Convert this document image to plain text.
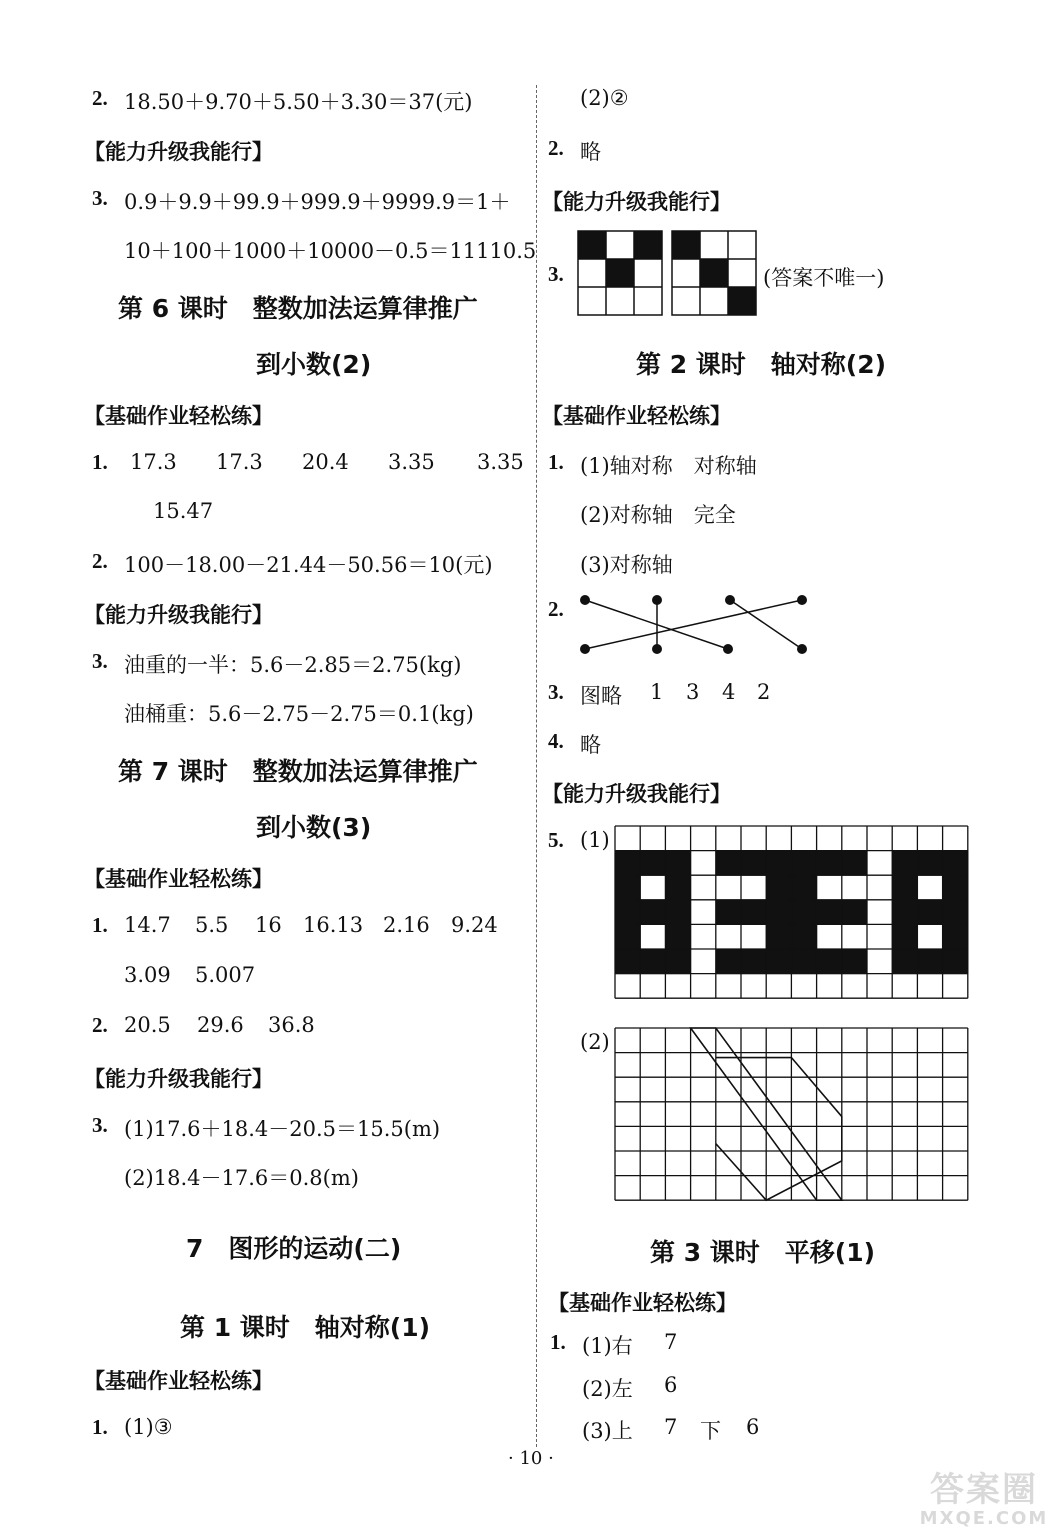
2. 18.50＋9.70＋5.50＋3.30＝37(元)
【能力升级我能行】
3. 0.9＋9.9＋99.9＋999.9＋9999.9＝1＋
10＋100＋1000＋10000－0.5＝11110.5
第 6 课时　整数加法运算律推广
到小数(2)
【基础作业轻松练】
1. 17.3 17.3 20.4 3.35 3.35
15.47
2. 100－18.00－21.44－50.56＝10(元)
【能力升级我能行】
3. 油重的一半：5.6－2.85＝2.75(kg)
油桶重：5.6－2.75－2.75＝0.1(kg)
第 7 课时　整数加法运算律推广
到小数(3)
【基础作业轻松练】
1. 14.7 5.5 16 16.13 2.16 9.24
3.09 5.007
2. 20.5 29.6 36.8
【能力升级我能行】
3. (1)17.6＋18.4－20.5＝15.5(m)
(2)18.4－17.6＝0.8(m)
7　图形的运动(二)
第 1 课时　轴对称(1)
【基础作业轻松练】
1. (1)③
(2)②
2. 略
【能力升级我能行】
3.	(答案不唯一)
第 2 课时　轴对称(2)
【基础作业轻松练】
1. (1)轴对称　对称轴
(2)对称轴　完全
(3)对称轴
2.
3. 图略 1 3 4 2
4. 略
【能力升级我能行】
5. (1)
(2)
第 3 课时　平移(1)
【基础作业轻松练】
1. (1)右 7
(2)左 6
(3)上 7 下 6
· 10 ·
答案圈
MXQE.COM
